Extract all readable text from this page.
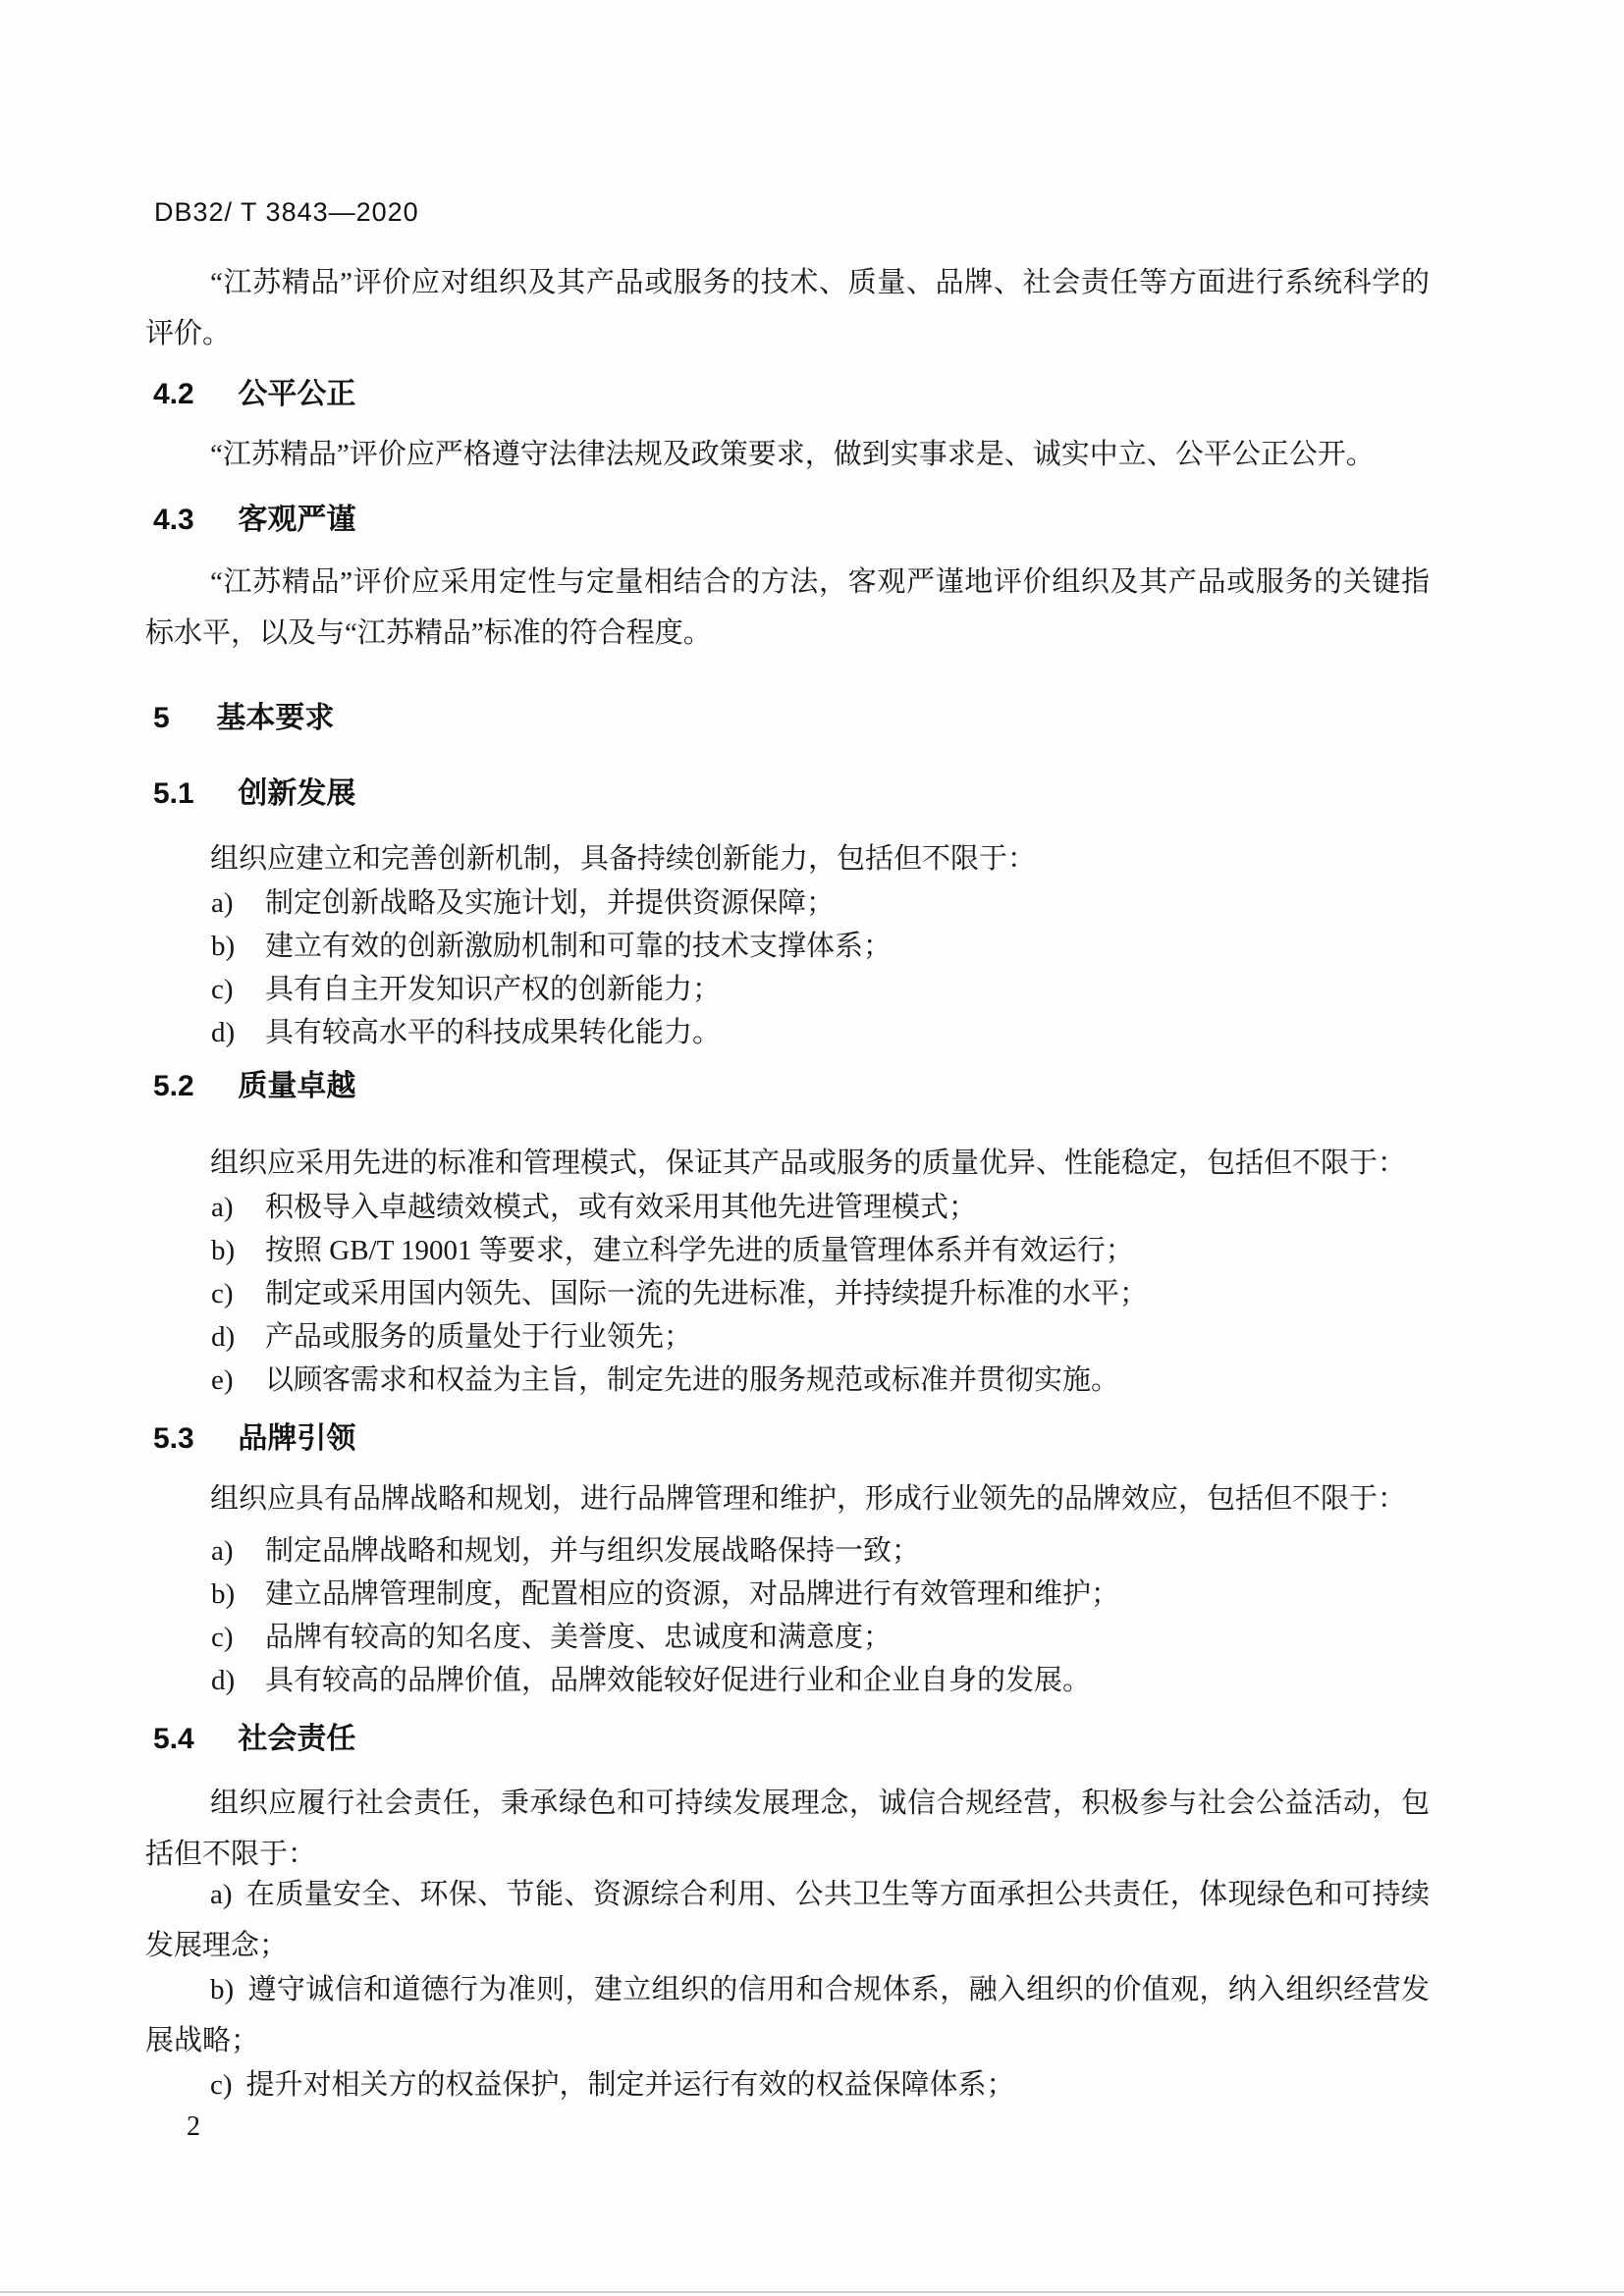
DB32/ T 3843—2020

“江苏精品”评价应对组织及其产品或服务的技术、质量、品牌、社会责任等方面进行系统科学的评价。

4.2 公平公正

“江苏精品”评价应严格遵守法律法规及政策要求，做到实事求是、诚实中立、公平公正公开。

4.3 客观严谨

“江苏精品”评价应采用定性与定量相结合的方法，客观严谨地评价组织及其产品或服务的关键指标水平，以及与“江苏精品”标准的符合程度。

5 基本要求
5.1 创新发展

组织应建立和完善创新机制，具备持续创新能力，包括但不限于：

a)	制定创新战略及实施计划，并提供资源保障；
b)	建立有效的创新激励机制和可靠的技术支撑体系；
c)	具有自主开发知识产权的创新能力；
d)	具有较高水平的科技成果转化能力。
5.2 质量卓越

组织应采用先进的标准和管理模式，保证其产品或服务的质量优异、性能稳定，包括但不限于：

a)	积极导入卓越绩效模式，或有效采用其他先进管理模式；
b)	按照 GB/T 19001 等要求，建立科学先进的质量管理体系并有效运行；
c)	制定或采用国内领先、国际一流的先进标准，并持续提升标准的水平；
d)	产品或服务的质量处于行业领先；
e)	以顾客需求和权益为主旨，制定先进的服务规范或标准并贯彻实施。
5.3 品牌引领

组织应具有品牌战略和规划，进行品牌管理和维护，形成行业领先的品牌效应，包括但不限于：

a)	制定品牌战略和规划，并与组织发展战略保持一致；
b)	建立品牌管理制度，配置相应的资源，对品牌进行有效管理和维护；
c)	品牌有较高的知名度、美誉度、忠诚度和满意度；
d)	具有较高的品牌价值，品牌效能较好促进行业和企业自身的发展。
5.4 社会责任

组织应履行社会责任，秉承绿色和可持续发展理念，诚信合规经营，积极参与社会公益活动，包括但不限于：

a) 在质量安全、环保、节能、资源综合利用、公共卫生等方面承担公共责任，体现绿色和可持续发展理念；

b) 遵守诚信和道德行为准则，建立组织的信用和合规体系，融入组织的价值观，纳入组织经营发展战略；

c) 提升对相关方的权益保护，制定并运行有效的权益保障体系；

2
